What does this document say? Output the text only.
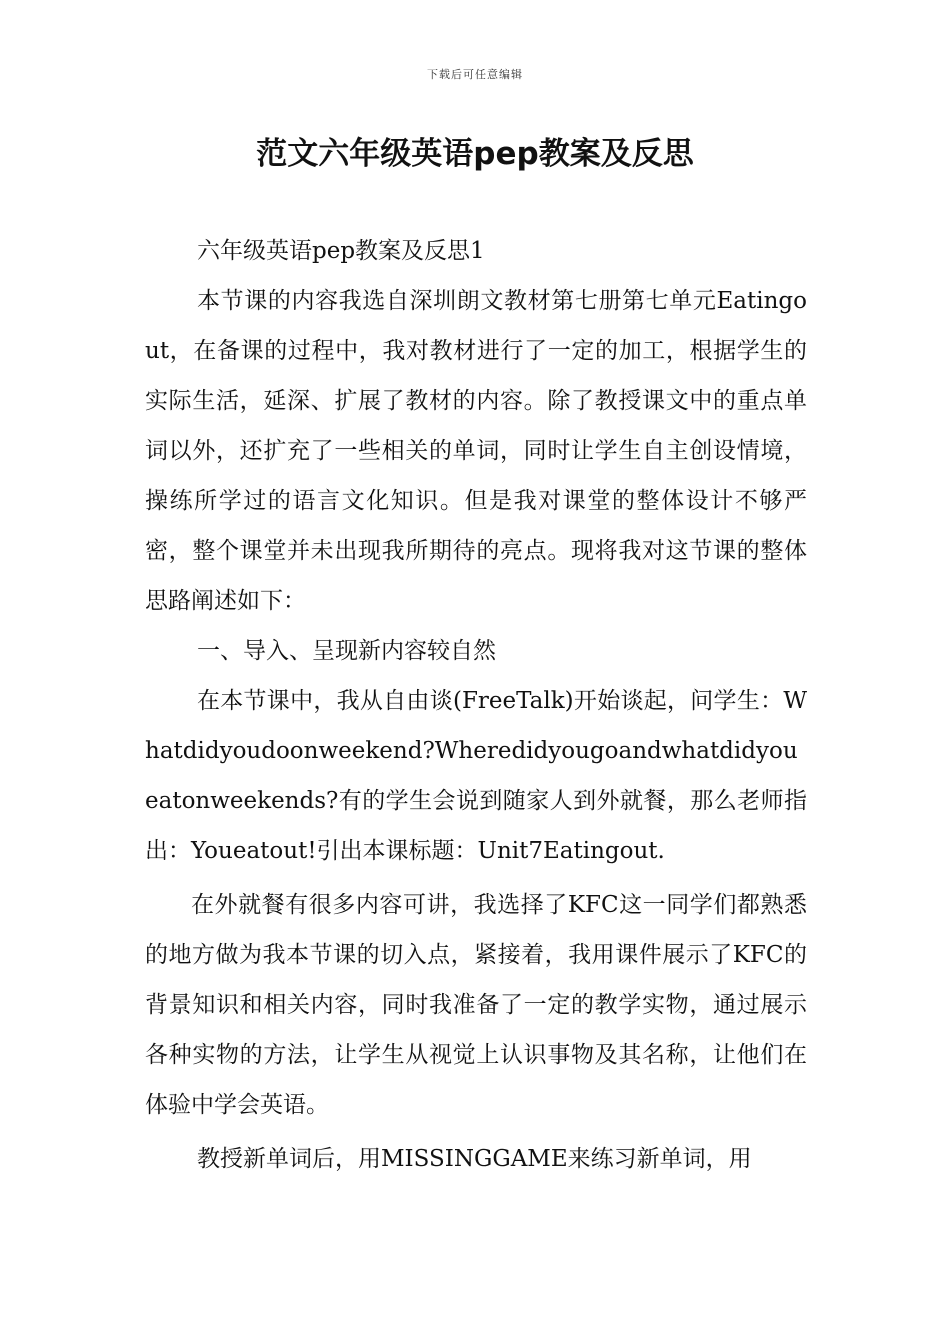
下载后可任意编辑
范文六年级英语pep教案及反思

六年级英语pep教案及反思1

本节课的内容我选自深圳朗文教材第七册第七单元Eatingout，在备课的过程中，我对教材进行了一定的加工，根据学生的实际生活，延深、扩展了教材的内容。除了教授课文中的重点单词以外，还扩充了一些相关的单词，同时让学生自主创设情境，操练所学过的语言文化知识。但是我对课堂的整体设计不够严密，整个课堂并未出现我所期待的亮点。现将我对这节课的整体思路阐述如下：

一、导入、呈现新内容较自然

在本节课中，我从自由谈(FreeTalk)开始谈起，问学生：Whatdidyoudoonweekend?Wheredidyougoandwhatdidyoueatonweekends?有的学生会说到随家人到外就餐，那么老师指出：Youeatout!引出本课标题：Unit7Eatingout.

在外就餐有很多内容可讲，我选择了KFC这一同学们都熟悉的地方做为我本节课的切入点，紧接着，我用课件展示了KFC的背景知识和相关内容，同时我准备了一定的教学实物，通过展示各种实物的方法，让学生从视觉上认识事物及其名称，让他们在体验中学会英语。

教授新单词后，用MISSINGGAME来练习新单词，用
